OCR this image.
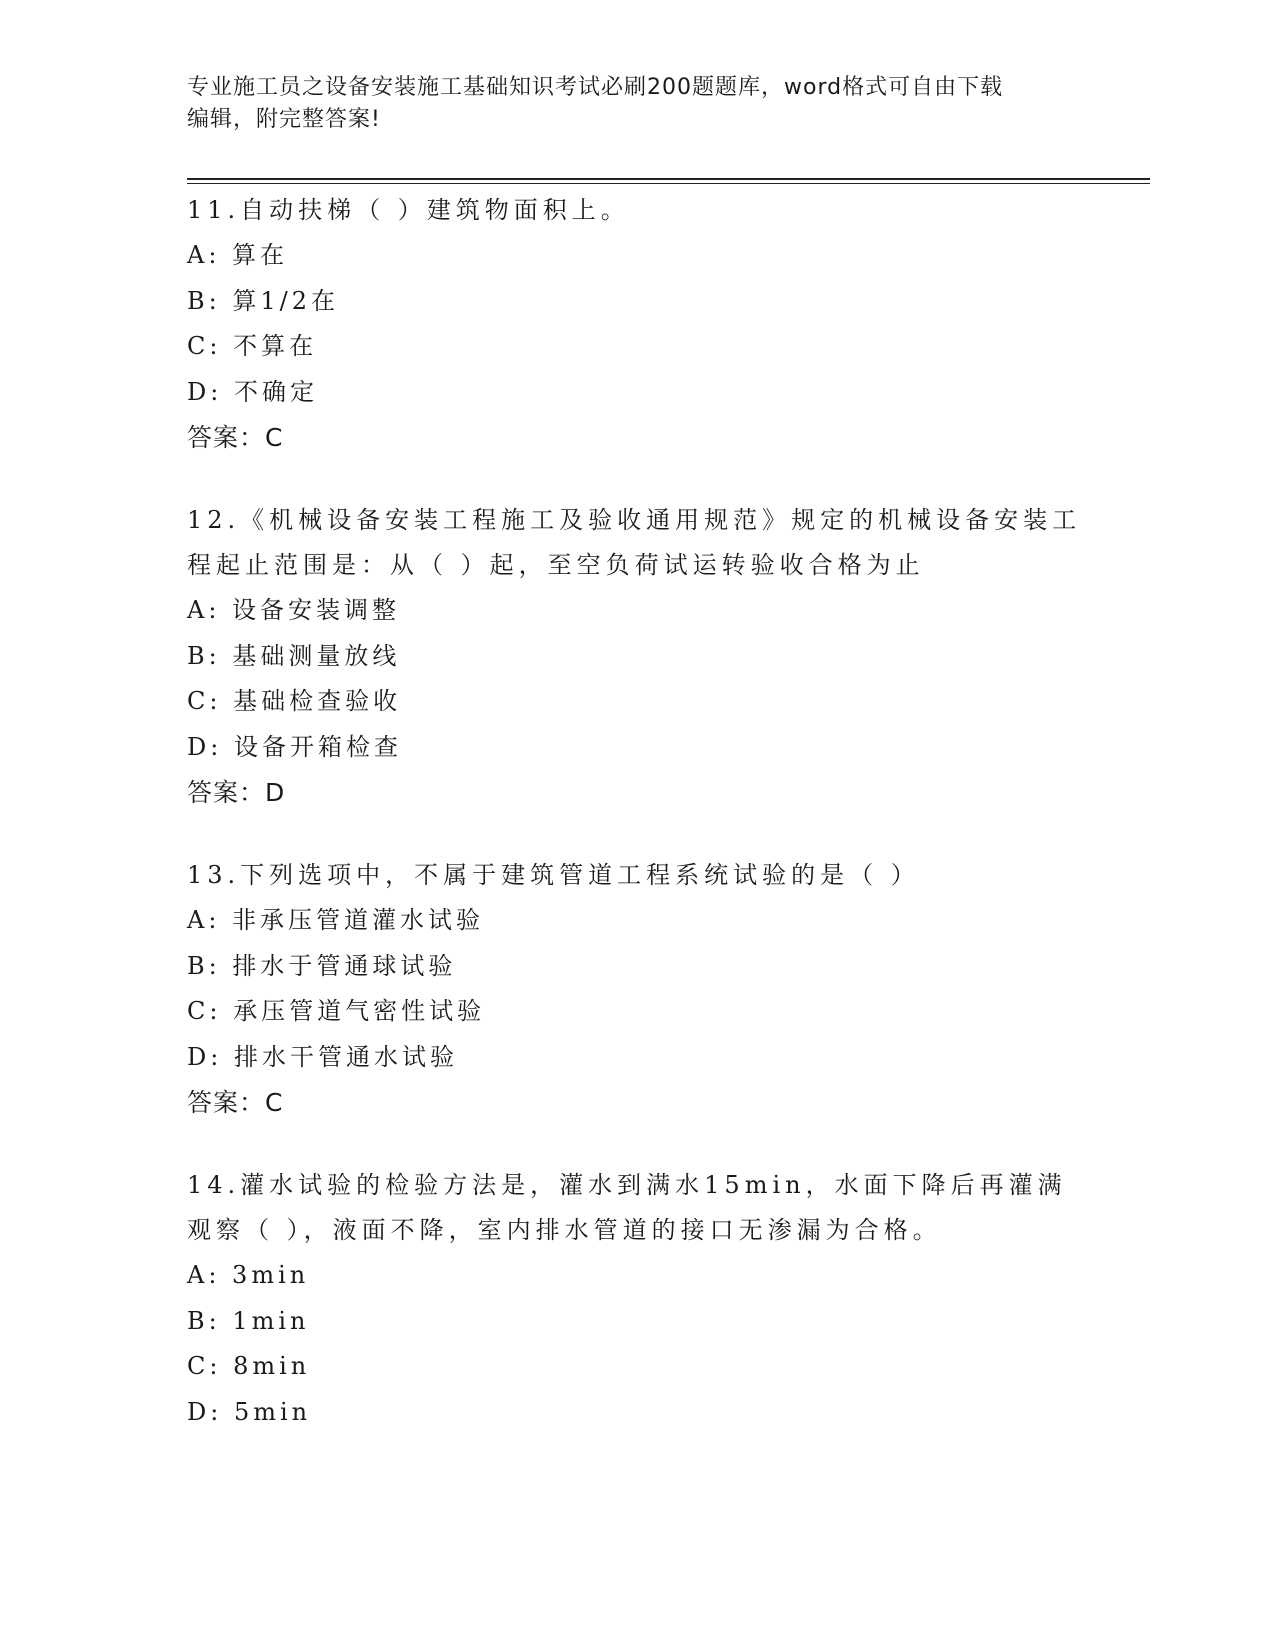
专业施工员之设备安装施工基础知识考试必刷200题题库，word格式可自由下载
编辑，附完整答案!
11.自动扶梯（ ）建筑物面积上。
A: 算在
B: 算1/2在
C: 不算在
D: 不确定
答案：C
12.《机械设备安装工程施工及验收通用规范》规定的机械设备安装工程起止范围是：从（ ）起，至空负荷试运转验收合格为止
A: 设备安装调整
B: 基础测量放线
C: 基础检查验收
D: 设备开箱检查
答案：D
13.下列选项中，不属于建筑管道工程系统试验的是（ ）
A: 非承压管道灌水试验
B: 排水于管通球试验
C: 承压管道气密性试验
D: 排水干管通水试验
答案：C
14.灌水试验的检验方法是，灌水到满水15min，水面下降后再灌满观察（ ），液面不降，室内排水管道的接口无渗漏为合格。
A: 3min
B: 1min
C: 8min
D: 5min
